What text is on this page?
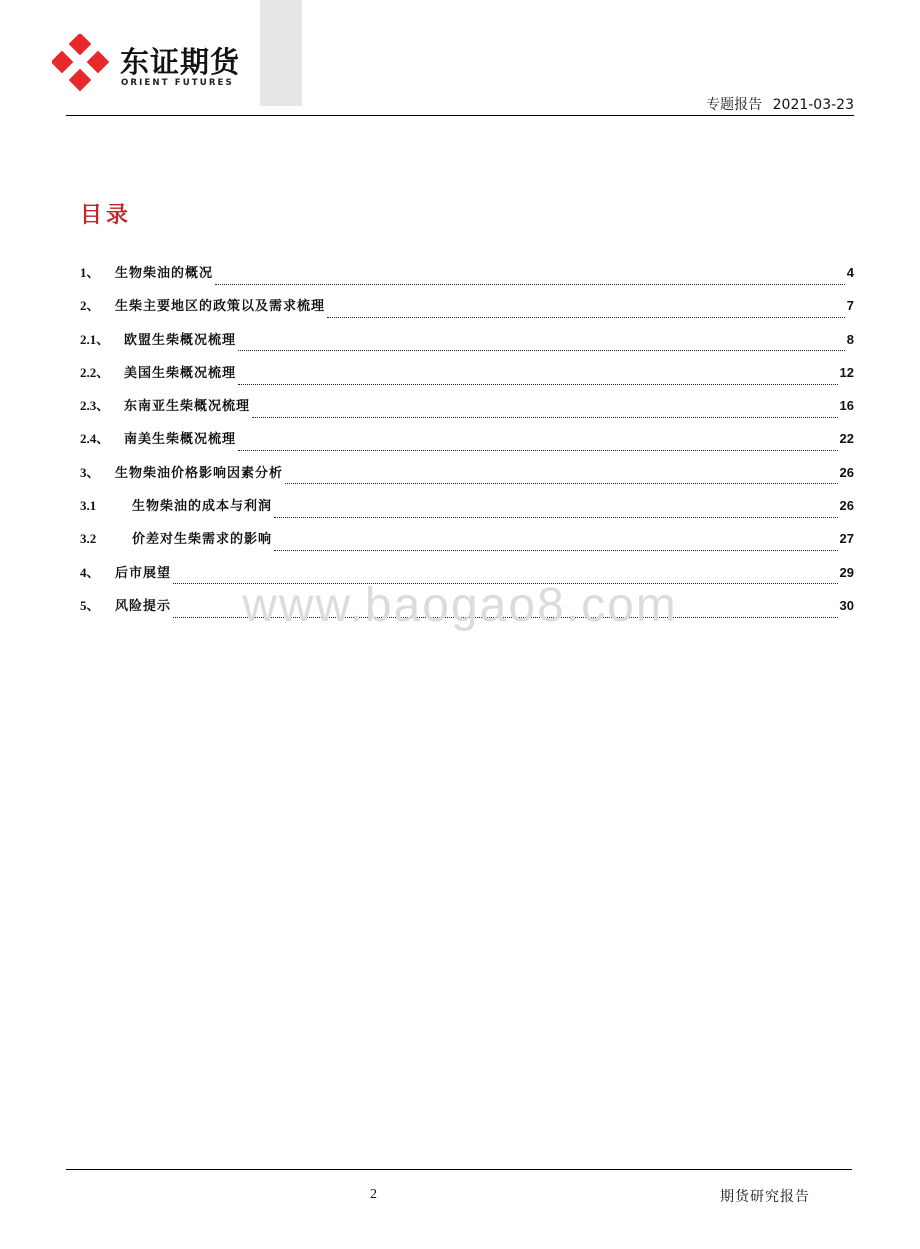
东证期货
ORIENT FUTURES
专题报告 2021-03-23
目录
1、	生物柴油的概况	4
2、	生柴主要地区的政策以及需求梳理	7
2.1、	欧盟生柴概况梳理	8
2.2、	美国生柴概况梳理	12
2.3、	东南亚生柴概况梳理	16
2.4、	南美生柴概况梳理	22
3、	生物柴油价格影响因素分析	26
3.1	生物柴油的成本与利润	26
3.2	价差对生柴需求的影响	27
4、	后市展望	29
5、	风险提示	30
www.baogao8.com
2	期货研究报告
